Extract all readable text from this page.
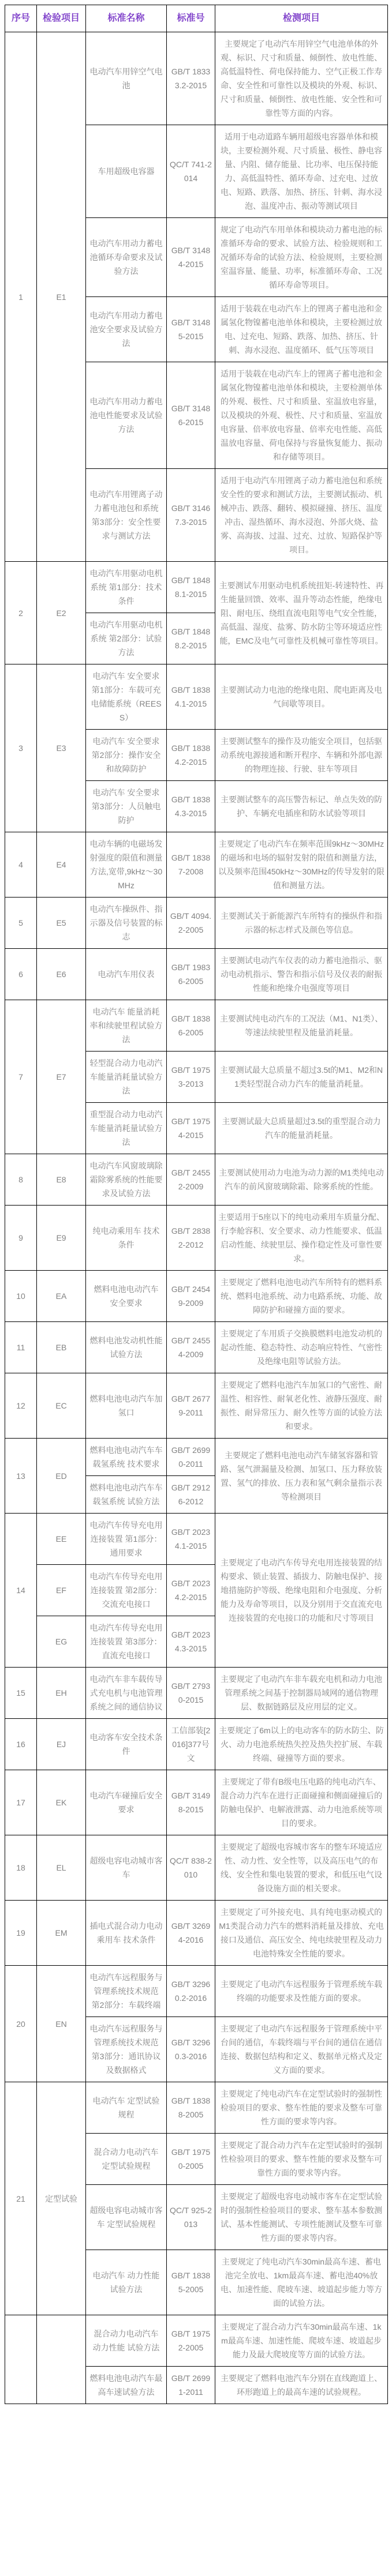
序号	检验项目	标准名称	标准号	检测项目
1	E1	电动汽车用锌空气电池	GB/T 18333.2-2015	主要规定了电动汽车用锌空气电池单体的外观、标识、尺寸和质量、倾倒性、放电性能、高低温特性、荷电保持能力、空气正极工作寿命、安全性和可靠性以及模块的外观、标识、尺寸和质量、倾倒性、放电性能、安全性和可靠性等方面的内容。
		车用超级电容器	QC/T 741-2014	适用于电动道路车辆用超级电容器单体和模块，主要检测外观、尺寸质量、极性、静电容量、内阻、储存能量、比功率、电压保持能力、高低温特性、循环寿命、过充电、过放电、短路、跌落、加热、挤压、针刺、海水浸泡、温度冲击、振动等测试项目
		电动汽车用动力蓄电池循环寿命要求及试验方法	GB/T 31484-2015	规定了电动汽车用单体和模块动力蓄电池的标准循环寿命的要求、试验方法、检验规则和工况循环寿命的试验方法、检验规则，主要检测室温容量、能量、功率，标准循环寿命、工况循环寿命等项目。
		电动汽车用动力蓄电池安全要求及试验方法	GB/T 31485-2015	适用于装载在电动汽车上的锂离子蓄电池和金属氢化物镍蓄电池单体和模块，主要检测过放电、过充电、短路、跌落、加热、挤压、针刺、海水浸泡、温度循环、低气压等项目
		电动汽车用动力蓄电池电性能要求及试验方法	GB/T 31486-2015	适用于装载在电动汽车上的锂离子蓄电池和金属氢化物镍蓄电池单体和模块，主要检测单体的外观、极性、尺寸和质量、室温放电容量，以及模块的外观、极性、尺寸和质量、室温放电容量、倍率放电容量、倍率充电性能、高低温放电容量、荷电保持与容量恢复能力、振动和存储等项目。
		电动汽车用锂离子动力蓄电池包和系统 第3部分：安全性要求与测试方法	GB/T 31467.3-2015	适用于电动汽车用锂离子动力蓄电池包和系统安全性的要求和测试方法，主要测试振动、机械冲击、跌落、翻转、模拟碰撞、挤压、温度冲击、湿热循环、海水浸泡、外部火烧、盐雾、高海拔、过温、过充、过放、短路保护等项目。
2	E2	电动汽车用驱动电机系统 第1部分：技术条件	GB/T 18488.1-2015	主要测试车用驱动电机系统扭矩-转速特性、再生能量回馈、效率、温升等动态性能，绝缘电阻、耐电压、绕组直流电阻等电气安全性能，高低温、湿度、盐雾、防水防尘等环境适应性能，EMC及电气可靠性及机械可靠性等项目。
		电动汽车用驱动电机系统 第2部分：试验方法	GB/T 18488.2-2015	
3	E3	电动汽车 安全要求 第1部分：车载可充电储能系统（REESS）	GB/T 18384.1-2015	主要测试动力电池的绝缘电阻、爬电距离及电气间歇等项目。
		电动汽车 安全要求 第2部分：操作安全和故障防护	GB/T 18384.2-2015	主要测试整车的操作及功能安全项目，包括驱动系统电源接通和断开程序、车辆和外部电源的物理连接、行驶、驻车等项目
		电动汽车 安全要求 第3部分：人员触电防护	GB/T 18384.3-2015	主要测试整车的高压警告标记、单点失效的防护、车辆充电插座和防水试验等项目
4	E4	电动车辆的电磁场发射强度的限值和测量方法,宽带,9kHz～30MHz	GB/T 18387-2008	主要规定了电动汽车在频率范围9kHz～30MHz的磁场和电场的辐射发射的限值和测量方法，以及频率范围450kHz～30MHz的传导发射的限值和测量方法。
5	E5	电动汽车操纵件、指示器及信号装置的标志	GB/T 4094.2-2005	主要测试关于新能源汽车所特有的操纵件和指示器的标志样式及颜色等信息。
6	E6	电动汽车用仪表	GB/T 19836-2005	主要测试电动汽车仪表的动力蓄电池指示、驱动电动机指示、警告和指示信号及仪表的耐振性能和绝缘介电强度等项目
7	E7	电动汽车 能量消耗率和续驶里程试验方法	GB/T 18386-2005	主要测试纯电动汽车的工况法（M1、N1类）、等速法续驶里程及能量消耗量。
		轻型混合动力电动汽车能量消耗量试验方法	GB/T 19753-2013	主要测试最大总质量不超过3.5t的M1、M2和N1类轻型混合动力汽车的能量消耗量。
		重型混合动力电动汽车能量消耗量试验方法	GB/T 19754-2015	主要测试最大总质量超过3.5t的重型混合动力汽车的能量消耗量。
8	E8	电动汽车风窗玻璃除霜除雾系统的性能要求及试验方法	GB/T 24552-2009	主要测试使用动力电池为动力源的M1类纯电动汽车的前风窗玻璃除霜、除雾系统的性能。
9	E9	纯电动乘用车 技术条件	GB/T 28382-2012	主要适用于5座以下的纯电动乘用车质量分配、行李舱容积、安全要求、动力性能要求、低温启动性能、续驶里层、操作稳定性及可靠性要求。
10	EA	燃料电池电动汽车 安全要求	GB/T 24549-2009	主要规定了燃料电池电动汽车所特有的燃料系统、燃料电池系统、动力电路系统、功能、故障防护和碰撞方面的要求。
11	EB	燃料电池发动机性能试验方法	GB/T 24554-2009	主要规定了车用质子交换膜燃料电池发动机的起动性能、稳态特性、动态响应特性、气密性及绝缘电阻等试验方法。
12	EC	燃料电池电动汽车加氢口	GB/T 26779-2011	主要规定了燃料电池汽车加氢口的气密性、耐温性、相容性、耐氧老化性、液静压强度、耐振性、耐异常压力、耐久性等方面的试验方法和要求。
13	ED	燃料电池电动汽车车载氢系统 技术要求	GB/T 26990-2011	主要规定了燃料电池电动汽车储氢容器和管路、氢气泄漏量及检测、加氢口、压力释放装置、氢气的排放、压力表和氢气剩余量指示表等检测项目
		燃料电池电动汽车车载氢系统 试验方法	GB/T 29126-2012	
14	EE	电动汽车传导充电用连接装置 第1部分：通用要求	GB/T 20234.1-2015	主要规定了电动汽车传导充电用连接装置的结构要求、锁止装置、插拔力、防触电保护、接地措施防护等级、绝缘电阻和介电强度、分析能力及寿命等项目，以及分别用于交直流充电连接装置的充电接口的功能和尺寸等项目
	EF	电动汽车传导充电用连接装置 第2部分：交流充电接口	GB/T 20234.2-2015	
	EG	电动汽车传导充电用连接装置 第3部分：直流充电接口	GB/T 20234.3-2015	
15	EH	电动汽车非车载传导式充电机与电池管理系统之间的通信协议	GB/T 27930-2015	主要规定了电动汽车非车载充电机和动力电池管理系统之间基于控制器局域网的通信物理层、数据链路层及应用层的定义。
16	EJ	电动客车安全技术条件	工信部装[2016]377号文	主要规定了6m以上的电动客车的防水防尘、防火、动力电池系统热失控及热失控扩展、车载终端、碰撞等方面的要求。
17	EK	电动汽车碰撞后安全要求	GB/T 31498-2015	主要规定了带有B级电压电路的纯电动汽车、混合动力汽车在进行正面碰撞和侧面碰撞后的防触电保护、电解液泄露、动力电池系统等项目的要求。
18	EL	超级电容电动城市客车	QC/T 838-2010	主要规定了超级电容城市客车的整车环境适应性、动力性、安全性等，以及高压电气的布线、安全性和集电装置的要求，和低压电气设备设施方面的相关要求。
19	EM	插电式混合动力电动乘用车 技术条件	GB/T 32694-2016	主要规定了可外接充电、具有纯电驱动模式的M1类混合动力汽车的燃料消耗量及排放、充电接口及通信、高压安全、纯电续驶里程及动力电池特殊安全性能的要求。
20	EN	电动汽车远程服务与管理系统技术规范 第2部分：车载终端	GB/T 32960.2-2016	主要规定了电动汽车远程服务于管理系统车载终端的功能要求及性能方面的要求。
		电动汽车远程服务与管理系统技术规范 第3部分：通讯协议及数据格式	GB/T 32960.3-2016	主要规定了电动汽车远程服务于管理系统中平台间的通信，车载终端与平台间的通信在通信连接、数据包结构和定义、数据单元格式及定义方面的要求。
21	定型试验	电动汽车 定型试验规程	GB/T 18388-2005	主要规定了纯电动汽车在定型试验时的强制性检验项目的要求、整车性能的要求及整车可靠性方面的要求等内容。
		混合动力电动汽车 定型试验规程	GB/T 19750-2005	主要规定了混合动力汽车在定型试验时的强制性检验项目的要求、整车性能的要求及整车可靠性方面的要求等内容。
		超级电容电动城市客车 定型试验规程	QC/T 925-2013	主要规定了超级电容电动城市客车在定型试验时的强制性检验项目的要求、整车基本参数测试、基本性能测试、专项性能测试及整车可靠性方面的要求等内容。
		电动汽车 动力性能 试验方法	GB/T 18385-2005	主要规定了纯电动汽车30min最高车速、蓄电池完全放电、1km最高车速、蓄电池40%放电、加速性能、爬坡车速、坡道起步能力等方面的试验方法。
		混合动力电动汽车 动力性能 试验方法	GB/T 19752-2005	主要规定了混合动力汽车30min最高车速、1km最高车速、加速性能、爬坡车速、坡道起步能力及最大爬坡度等方面的试验方法。
		燃料电池电动汽车最高车速试验方法	GB/T 26991-2011	主要规定了燃料电池汽车分别在直线跑道上、环形跑道上的最高车速的试验规程。
